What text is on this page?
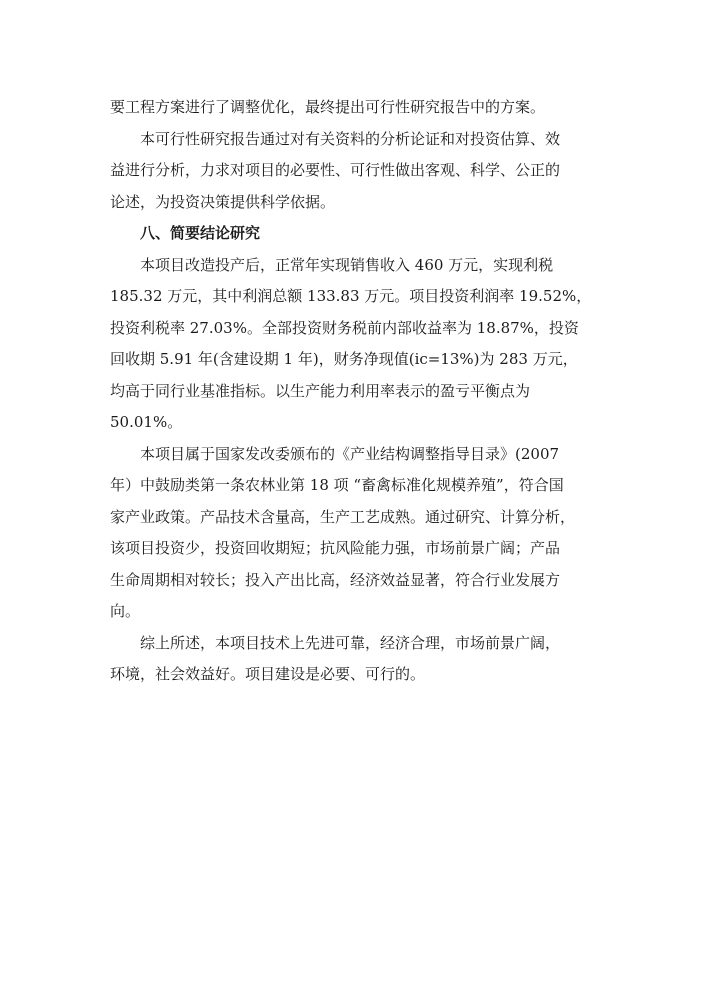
要工程方案进行了调整优化，最终提出可行性研究报告中的方案。
本可行性研究报告通过对有关资料的分析论证和对投资估算、效
益进行分析，力求对项目的必要性、可行性做出客观、科学、公正的
论述，为投资决策提供科学依据。
八、简要结论研究
本项目改造投产后，正常年实现销售收入 460 万元，实现利税
185.32 万元，其中利润总额 133.83 万元。项目投资利润率 19.52%，
投资利税率 27.03%。全部投资财务税前内部收益率为 18.87%，投资
回收期 5.91 年(含建设期 1 年)，财务净现值(ic=13%)为 283 万元，
均高于同行业基准指标。以生产能力利用率表示的盈亏平衡点为
50.01%。
本项目属于国家发改委颁布的《产业结构调整指导目录》(2007
年）中鼓励类第一条农林业第 18 项 “畜禽标准化规模养殖”，符合国
家产业政策。产品技术含量高，生产工艺成熟。通过研究、计算分析，
该项目投资少，投资回收期短；抗风险能力强，市场前景广阔；产品
生命周期相对较长；投入产出比高，经济效益显著，符合行业发展方
向。
综上所述，本项目技术上先进可靠，经济合理，市场前景广阔，
环境，社会效益好。项目建设是必要、可行的。
